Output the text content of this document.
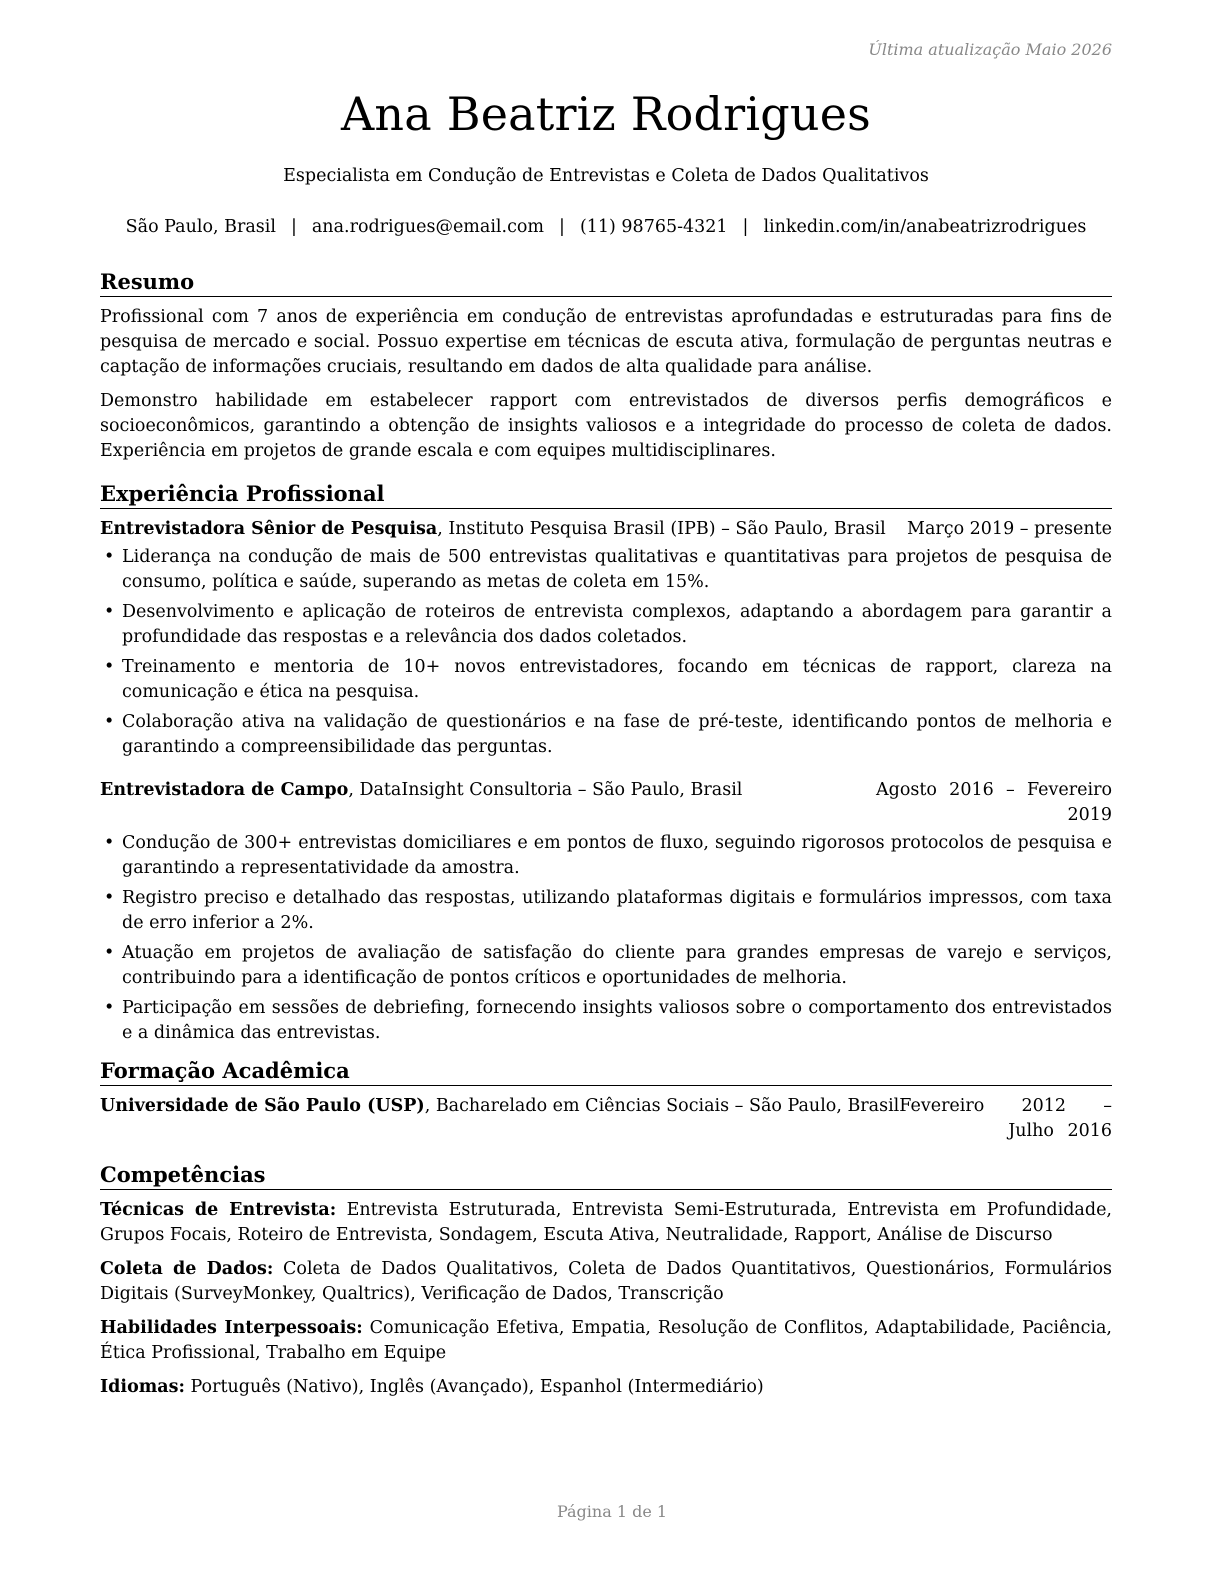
Última atualização Maio 2026
Ana Beatriz Rodrigues
Especialista em Condução de Entrevistas e Coleta de Dados Qualitativos
São Paulo, Brasil | ana.rodrigues@email.com | (11) 98765-4321 | linkedin.com/in/anabeatrizrodrigues
Resumo
Profissional com 7 anos de experiência em condução de entrevistas aprofundadas e estruturadas para fins de pesquisa de mercado e social. Possuo expertise em técnicas de escuta ativa, formulação de perguntas neutras e captação de informações cruciais, resultando em dados de alta qualidade para análise.
Demonstro habilidade em estabelecer rapport com entrevistados de diversos perfis demográficos e socioeconômicos, garantindo a obtenção de insights valiosos e a integridade do processo de coleta de dados. Experiência em projetos de grande escala e com equipes multidisciplinares.
Experiência Profissional
Entrevistadora Sênior de Pesquisa, Instituto Pesquisa Brasil (IPB) – São Paulo, Brasil Março 2019 – presente
• Liderança na condução de mais de 500 entrevistas qualitativas e quantitativas para projetos de pesquisa de consumo, política e saúde, superando as metas de coleta em 15%.
• Desenvolvimento e aplicação de roteiros de entrevista complexos, adaptando a abordagem para garantir a profundidade das respostas e a relevância dos dados coletados.
• Treinamento e mentoria de 10+ novos entrevistadores, focando em técnicas de rapport, clareza na comunicação e ética na pesquisa.
• Colaboração ativa na validação de questionários e na fase de pré-teste, identificando pontos de melhoria e garantindo a compreensibilidade das perguntas.
Entrevistadora de Campo, DataInsight Consultoria – São Paulo, Brasil	Agosto 2016 – Fevereiro 2019
• Condução de 300+ entrevistas domiciliares e em pontos de fluxo, seguindo rigorosos protocolos de pesquisa e garantindo a representatividade da amostra.
• Registro preciso e detalhado das respostas, utilizando plataformas digitais e formulários impressos, com taxa de erro inferior a 2%.
• Atuação em projetos de avaliação de satisfação do cliente para grandes empresas de varejo e serviços, contribuindo para a identificação de pontos críticos e oportunidades de melhoria.
• Participação em sessões de debriefing, fornecendo insights valiosos sobre o comportamento dos entrevistados e a dinâmica das entrevistas.
Formação Acadêmica
Universidade de São Paulo (USP), Bacharelado em Ciências Sociais – São Paulo, Brasil Fevereiro 2012 – Julho 2016
Competências
Técnicas de Entrevista: Entrevista Estruturada, Entrevista Semi-Estruturada, Entrevista em Profundidade, Grupos Focais, Roteiro de Entrevista, Sondagem, Escuta Ativa, Neutralidade, Rapport, Análise de Discurso
Coleta de Dados: Coleta de Dados Qualitativos, Coleta de Dados Quantitativos, Questionários, Formulários Digitais (SurveyMonkey, Qualtrics), Verificação de Dados, Transcrição
Habilidades Interpessoais: Comunicação Efetiva, Empatia, Resolução de Conflitos, Adaptabilidade, Paciência, Ética Profissional, Trabalho em Equipe
Idiomas: Português (Nativo), Inglês (Avançado), Espanhol (Intermediário)
Página 1 de 1
